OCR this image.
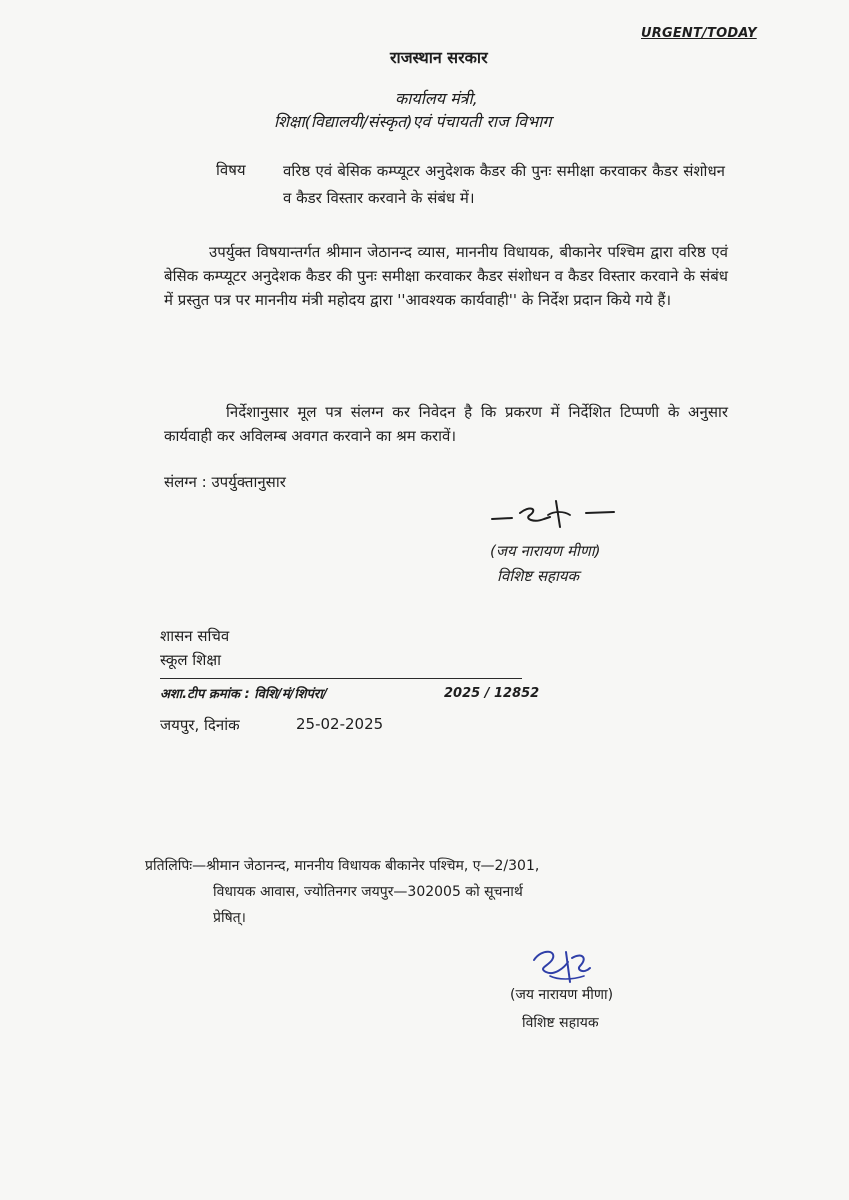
URGENT/TODAY
राजस्थान सरकार
कार्यालय मंत्री,
शिक्षा(विद्यालयी/संस्कृत)एवं पंचायती राज विभाग
विषय वरिष्ठ एवं बेसिक कम्प्यूटर अनुदेशक कैडर की पुनः समीक्षा करवाकर कैडर संशोधन व कैडर विस्तार करवाने के संबंध में।
उपर्युक्त विषयान्तर्गत श्रीमान जेठानन्द व्यास, माननीय विधायक, बीकानेर पश्चिम द्वारा वरिष्ठ एवं बेसिक कम्प्यूटर अनुदेशक कैडर की पुनः समीक्षा करवाकर कैडर संशोधन व कैडर विस्तार करवाने के संबंध में प्रस्तुत पत्र पर माननीय मंत्री महोदय द्वारा ''आवश्यक कार्यवाही'' के निर्देश प्रदान किये गये हैं।
निर्देशानुसार मूल पत्र संलग्न कर निवेदन है कि प्रकरण में निर्देशित टिप्पणी के अनुसार कार्यवाही कर अविलम्ब अवगत करवाने का श्रम करावें।
संलग्न : उपर्युक्तानुसार
(जय नारायण मीणा)
विशिष्ट सहायक
शासन सचिव
स्कूल शिक्षा
अशा.टीप क्रमांक : विशि/मं/शिपंरा/	2025 / 12852
जयपुर, दिनांक	25-02-2025
प्रतिलिपिः—श्रीमान जेठानन्द, माननीय विधायक बीकानेर पश्चिम, ए—2/301,
विधायक आवास, ज्योतिनगर जयपुर—302005 को सूचनार्थ
प्रेषित्।
(जय नारायण मीणा)
विशिष्ट सहायक
